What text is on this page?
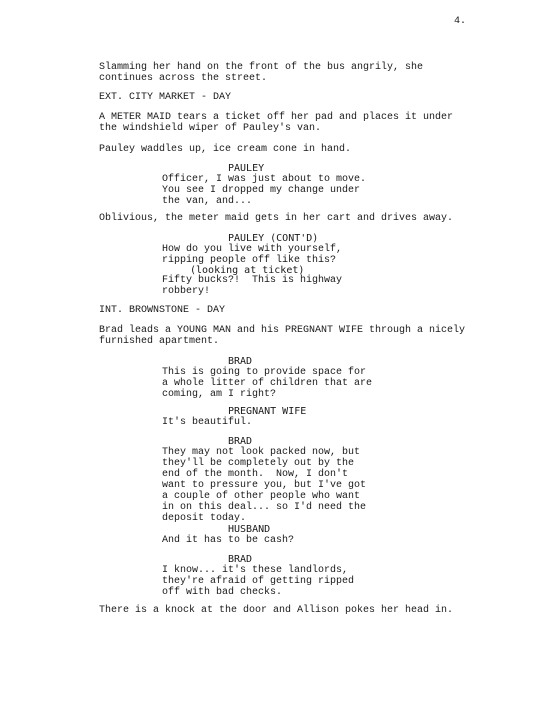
4.
Slamming her hand on the front of the bus angrily, she
continues across the street.
EXT. CITY MARKET - DAY
A METER MAID tears a ticket off her pad and places it under
the windshield wiper of Pauley's van.
Pauley waddles up, ice cream cone in hand.
PAULEY
Officer, I was just about to move.
You see I dropped my change under
the van, and...
Oblivious, the meter maid gets in her cart and drives away.
PAULEY (CONT'D)
How do you live with yourself,
ripping people off like this?
(looking at ticket)
Fifty bucks?!  This is highway
robbery!
INT. BROWNSTONE - DAY
Brad leads a YOUNG MAN and his PREGNANT WIFE through a nicely
furnished apartment.
BRAD
This is going to provide space for
a whole litter of children that are
coming, am I right?
PREGNANT WIFE
It's beautiful.
BRAD
They may not look packed now, but
they'll be completely out by the
end of the month.  Now, I don't
want to pressure you, but I've got
a couple of other people who want
in on this deal... so I'd need the
deposit today.
HUSBAND
And it has to be cash?
BRAD
I know... it's these landlords,
they're afraid of getting ripped
off with bad checks.
There is a knock at the door and Allison pokes her head in.
